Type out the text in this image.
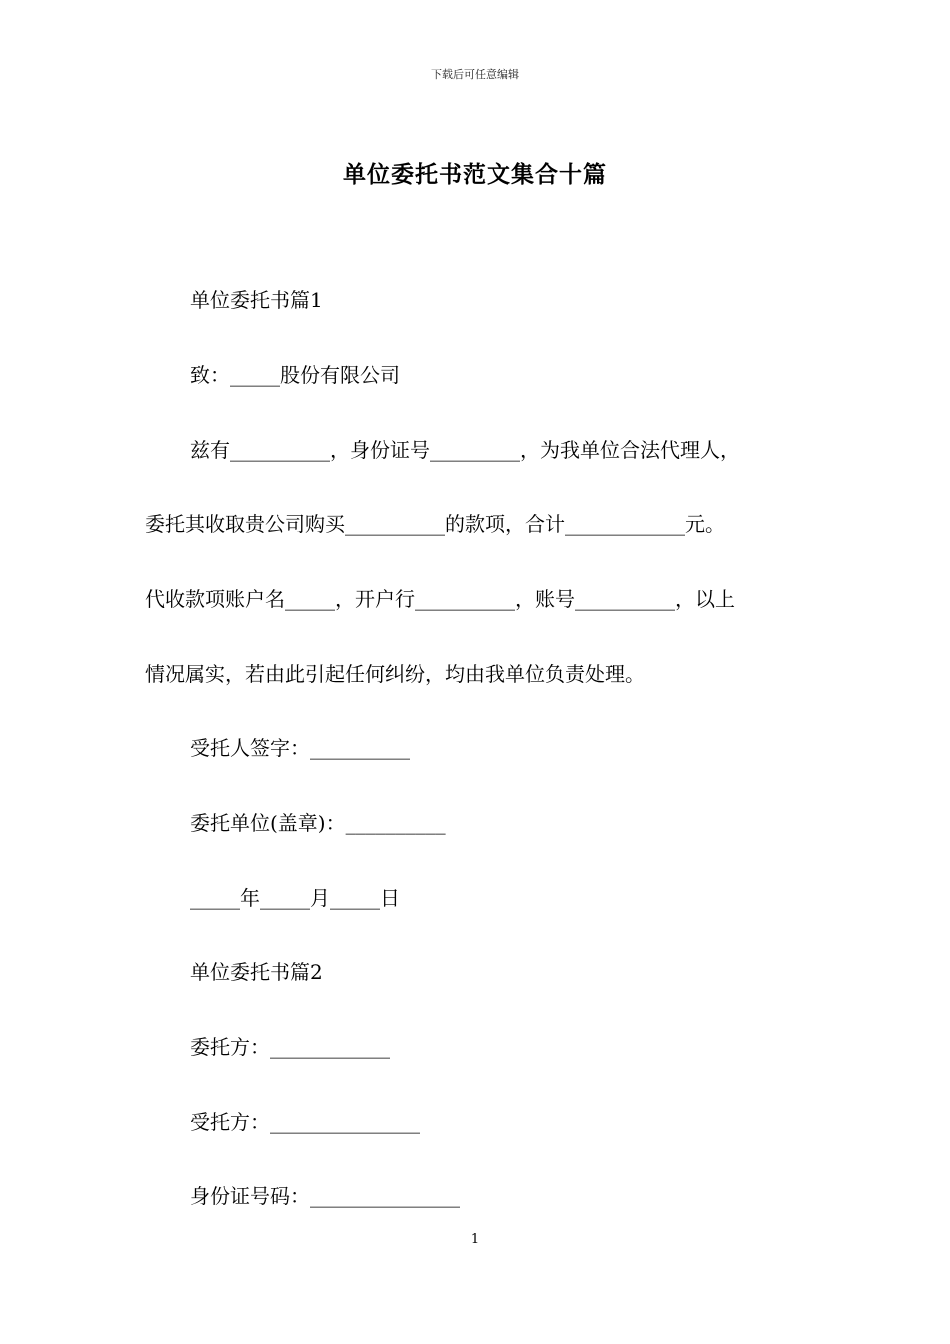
下载后可任意编辑
单位委托书范文集合十篇
单位委托书篇1
致：_____股份有限公司
兹有__________，身份证号_________，为我单位合法代理人，
委托其收取贵公司购买__________的款项，合计____________元。
代收款项账户名_____，开户行__________，账号__________，以上
情况属实，若由此引起任何纠纷，均由我单位负责处理。
受托人签字：__________
委托单位(盖章)：__________
_____年_____月_____日
单位委托书篇2
委托方：____________
受托方：_______________
身份证号码：_______________
1
